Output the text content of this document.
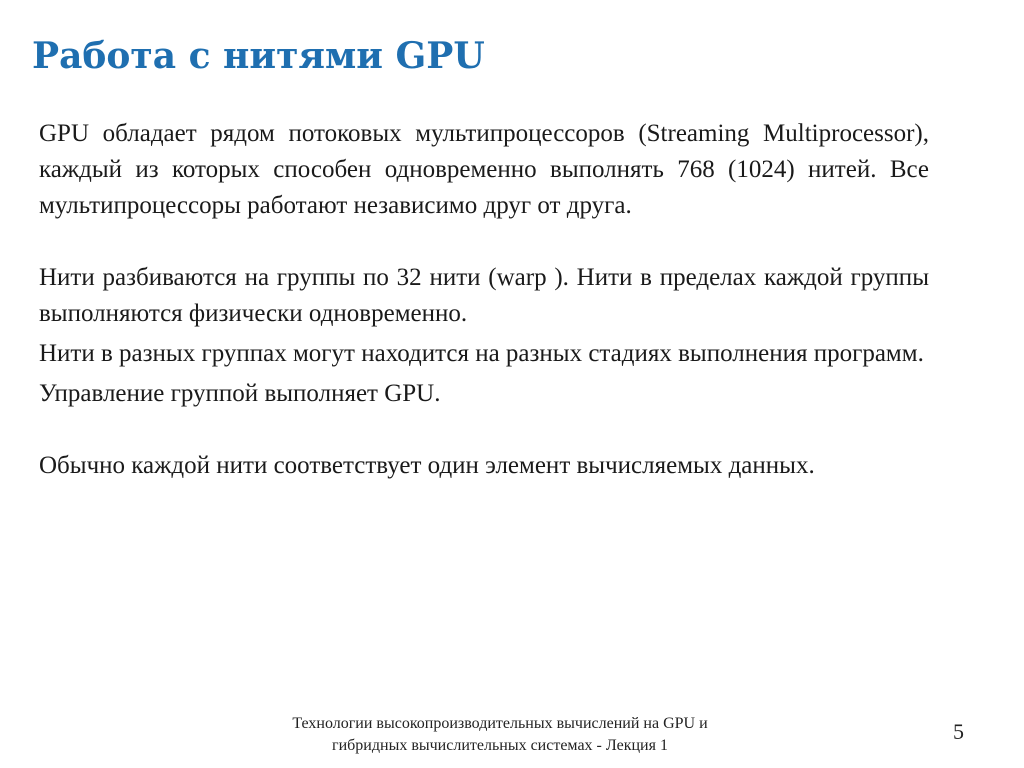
Работа с нитями GPU

GPU обладает рядом потоковых мультипроцессоров (Streaming Multiprocessor), каждый из которых способен одновременно выполнять 768 (1024) нитей. Все мультипроцессоры работают независимо друг от друга.

Нити разбиваются на группы по 32 нити (warp ). Нити в пределах каждой группы выполняются физически одновременно.

Нити в разных группах могут находится на разных стадиях выполнения программ.

Управление группой выполняет GPU.

Обычно каждой нити соответствует один элемент вычисляемых данных.

Технологии высокопроизводительных вычислений на GPU и
гибридных вычислительных системах - Лекция 1
5
